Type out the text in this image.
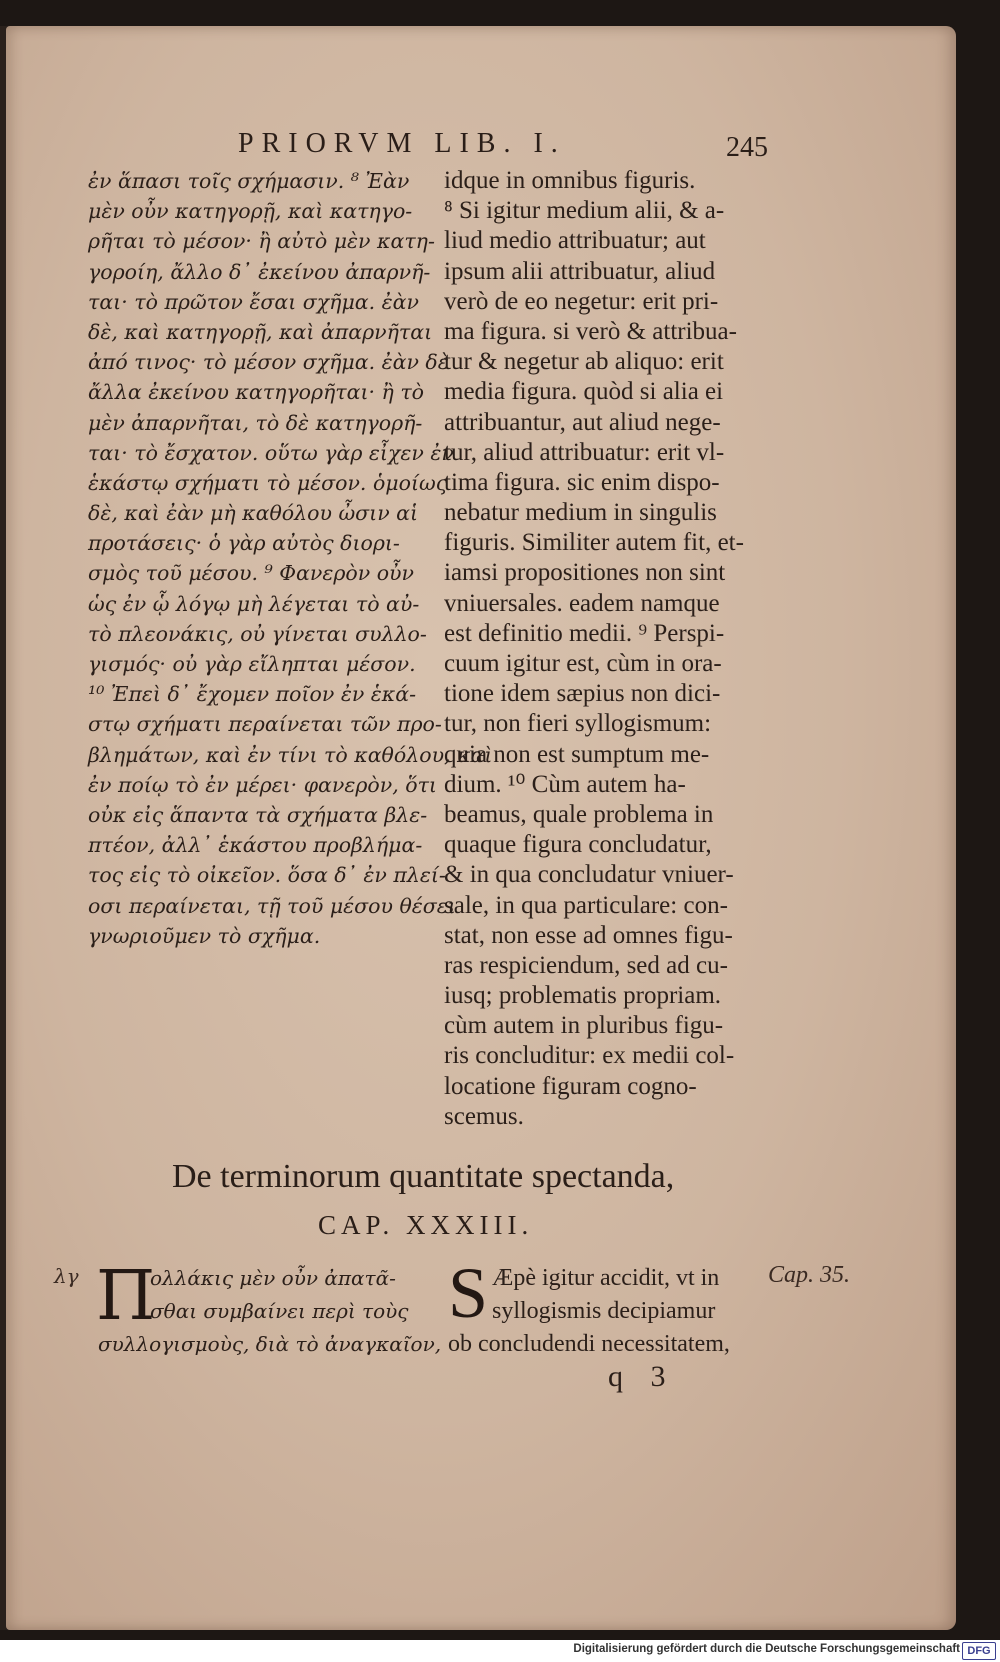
PRIORVM LIB. I.	245
ἐν ἅπασι τοῖς σχήμασιν. ⁸ Ἐὰν
μὲν οὖν κατηγορῇ, καὶ κατηγο-
ρῆται τὸ μέσον· ἢ αὐτὸ μὲν κατη-
γοροίη, ἄλλο δ᾽ ἐκείνου ἀπαρνῆ-
ται· τὸ πρῶτον ἔσαι σχῆμα. ἐὰν
δὲ, καὶ κατηγορῇ, καὶ ἀπαρνῆται
ἀπό τινος· τὸ μέσον σχῆμα. ἐὰν δὲ
ἄλλα ἐκείνου κατηγορῆται· ἢ τὸ
μὲν ἀπαρνῆται, τὸ δὲ κατηγορῆ-
ται· τὸ ἔσχατον. οὕτω γὰρ εἶχεν ἐν
ἑκάστῳ σχήματι τὸ μέσον. ὁμοίως
δὲ, καὶ ἐὰν μὴ καθόλου ὦσιν αἱ
προτάσεις· ὁ γὰρ αὐτὸς διορι-
σμὸς τοῦ μέσου. ⁹ Φανερὸν οὖν
ὡς ἐν ᾧ λόγῳ μὴ λέγεται τὸ αὐ-
τὸ πλεονάκις, οὐ γίνεται συλλο-
γισμός· οὐ γὰρ εἴληπται μέσον.
¹⁰ Ἐπεὶ δ᾽ ἔχομεν ποῖον ἐν ἑκά-
στῳ σχήματι περαίνεται τῶν προ-
βλημάτων, καὶ ἐν τίνι τὸ καθόλου, καὶ
ἐν ποίῳ τὸ ἐν μέρει· φανερὸν, ὅτι
οὐκ εἰς ἅπαντα τὰ σχήματα βλε-
πτέον, ἀλλ᾽ ἑκάστου προβλήμα-
τος εἰς τὸ οἰκεῖον. ὅσα δ᾽ ἐν πλεί-
οσι περαίνεται, τῇ τοῦ μέσου θέσει
γνωριοῦμεν τὸ σχῆμα.
idque in omnibus figuris.
⁸ Si igitur medium alii, & a-
liud medio attribuatur; aut
ipsum alii attribuatur, aliud
verò de eo negetur: erit pri-
ma figura. si verò & attribua-
tur & negetur ab aliquo: erit
media figura. quòd si alia ei
attribuantur, aut aliud nege-
tur, aliud attribuatur: erit vl-
tima figura. sic enim dispo-
nebatur medium in singulis
figuris. Similiter autem fit, et-
iamsi propositiones non sint
vniuersales. eadem namque
est definitio medii. ⁹ Perspi-
cuum igitur est, cùm in ora-
tione idem sæpius non dici-
tur, non fieri syllogismum:
quia non est sumptum me-
dium. ¹⁰ Cùm autem ha-
beamus, quale problema in
quaque figura concludatur,
& in qua concludatur vniuer-
sale, in qua particulare: con-
stat, non esse ad omnes figu-
ras respiciendum, sed ad cu-
iusq; problematis propriam.
cùm autem in pluribus figu-
ris concluditur: ex medii col-
locatione figuram cogno-
scemus.
De terminorum quantitate spectanda,
CAP. XXXIII.
λγ	Cap. 35.
Π
ολλάκις μὲν οὖν ἀπατᾶ-
σθαι συμβαίνει περὶ τοὺς
συλλογισμοὺς, διὰ τὸ ἀναγκαῖον,
S Æpè igitur accidit, vt in
syllogismis decipiamur
ob concludendi necessitatem,
q 3
Digitalisierung gefördert durch die Deutsche Forschungsgemeinschaft DFG
